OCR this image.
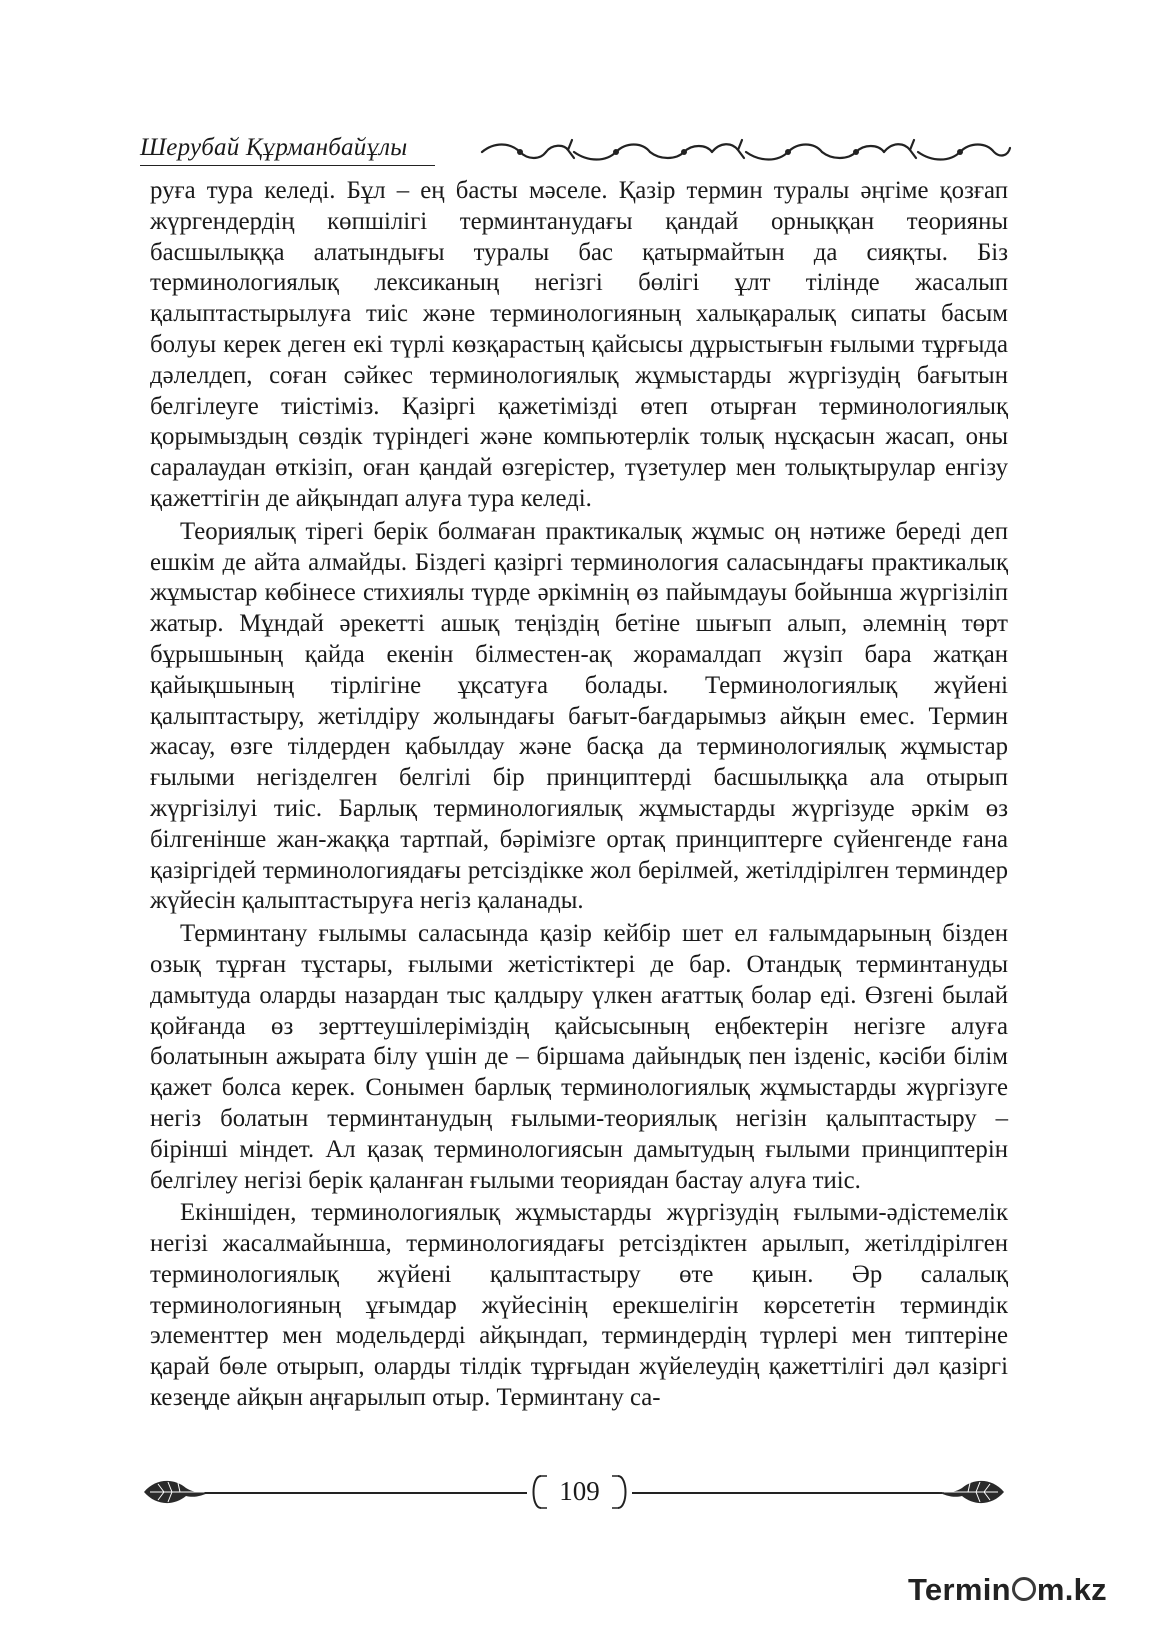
Шерубай Құрманбайұлы

руға тура келеді. Бұл – ең басты мәселе. Қазір термин туралы әңгіме қозғап жүргендердің көпшілігі терминтанудағы қандай орныққан теорияны басшылыққа алатындығы туралы бас қатырмайтын да сияқты. Біз терминологиялық лексиканың негізгі бөлігі ұлт тілінде жасалып қалыптастырылуға тиіс және терминологияның халықаралық сипаты басым болуы керек деген екі түрлі көзқарастың қайсысы дұрыстығын ғылыми тұрғыда дәлелдеп, соған сәйкес терминологиялық жұмыстарды жүргізудің бағытын белгілеуге тиістіміз. Қазіргі қажетімізді өтеп отырған терминологиялық қорымыздың сөздік түріндегі және компьютерлік толық нұсқасын жасап, оны саралаудан өткізіп, оған қандай өзгерістер, түзетулер мен толықтырулар енгізу қажеттігін де айқындап алуға тура келеді.

Теориялық тірегі берік болмаған практикалық жұмыс оң нәтиже береді деп ешкім де айта алмайды. Біздегі қазіргі терминология саласындағы практикалық жұмыстар көбінесе стихиялы түрде әркімнің өз пайымдауы бойынша жүргізіліп жатыр. Мұндай әрекетті ашық теңіздің бетіне шығып алып, әлемнің төрт бұрышының қайда екенін білместен-ақ жорамалдап жүзіп бара жатқан қайықшының тірлігіне ұқсатуға болады. Терминологиялық жүйені қалыптастыру, жетілдіру жолындағы бағыт-бағдарымыз айқын емес. Термин жасау, өзге тілдерден қабылдау және басқа да терминологиялық жұмыстар ғылыми негізделген белгілі бір принциптерді басшылыққа ала отырып жүргізілуі тиіс. Барлық терминологиялық жұмыстарды жүргізуде әркім өз білгенінше жан-жаққа тартпай, бәрімізге ортақ принциптерге сүйенгенде ғана қазіргідей терминологиядағы ретсіздікке жол берілмей, жетілдірілген терминдер жүйесін қалыптастыруға негіз қаланады.

Терминтану ғылымы саласында қазір кейбір шет ел ғалымдарының бізден озық тұрған тұстары, ғылыми жетістіктері де бар. Отандық терминтануды дамытуда оларды назардан тыс қалдыру үлкен ағаттық болар еді. Өзгені былай қойғанда өз зерттеушілеріміздің қайсысының еңбектерін негізге алуға болатынын ажырата білу үшін де – біршама дайындық пен ізденіс, кәсіби білім қажет болса керек. Сонымен барлық терминологиялық жұмыстарды жүргізуге негіз болатын терминтанудың ғылыми-теориялық негізін қалыптастыру – бірінші міндет. Ал қазақ терминологиясын дамытудың ғылыми принциптерін белгілеу негізі берік қаланған ғылыми теориядан бастау алуға тиіс.

Екіншіден, терминологиялық жұмыстарды жүргізудің ғылыми-әдістемелік негізі жасалмайынша, терминологиядағы ретсіздіктен арылып, жетілдірілген терминологиялық жүйені қалыптастыру өте қиын. Әр салалық терминологияның ұғымдар жүйесінің ерекшелігін көрсететін терминдік элементтер мен модельдерді айқындап, терминдердің түрлері мен типтеріне қарай бөле отырып, оларды тілдік тұрғыдан жүйелеудің қажеттілігі дәл қазіргі кезеңде айқын аңғарылып отыр. Терминтану са-

109
Termin m.kz
